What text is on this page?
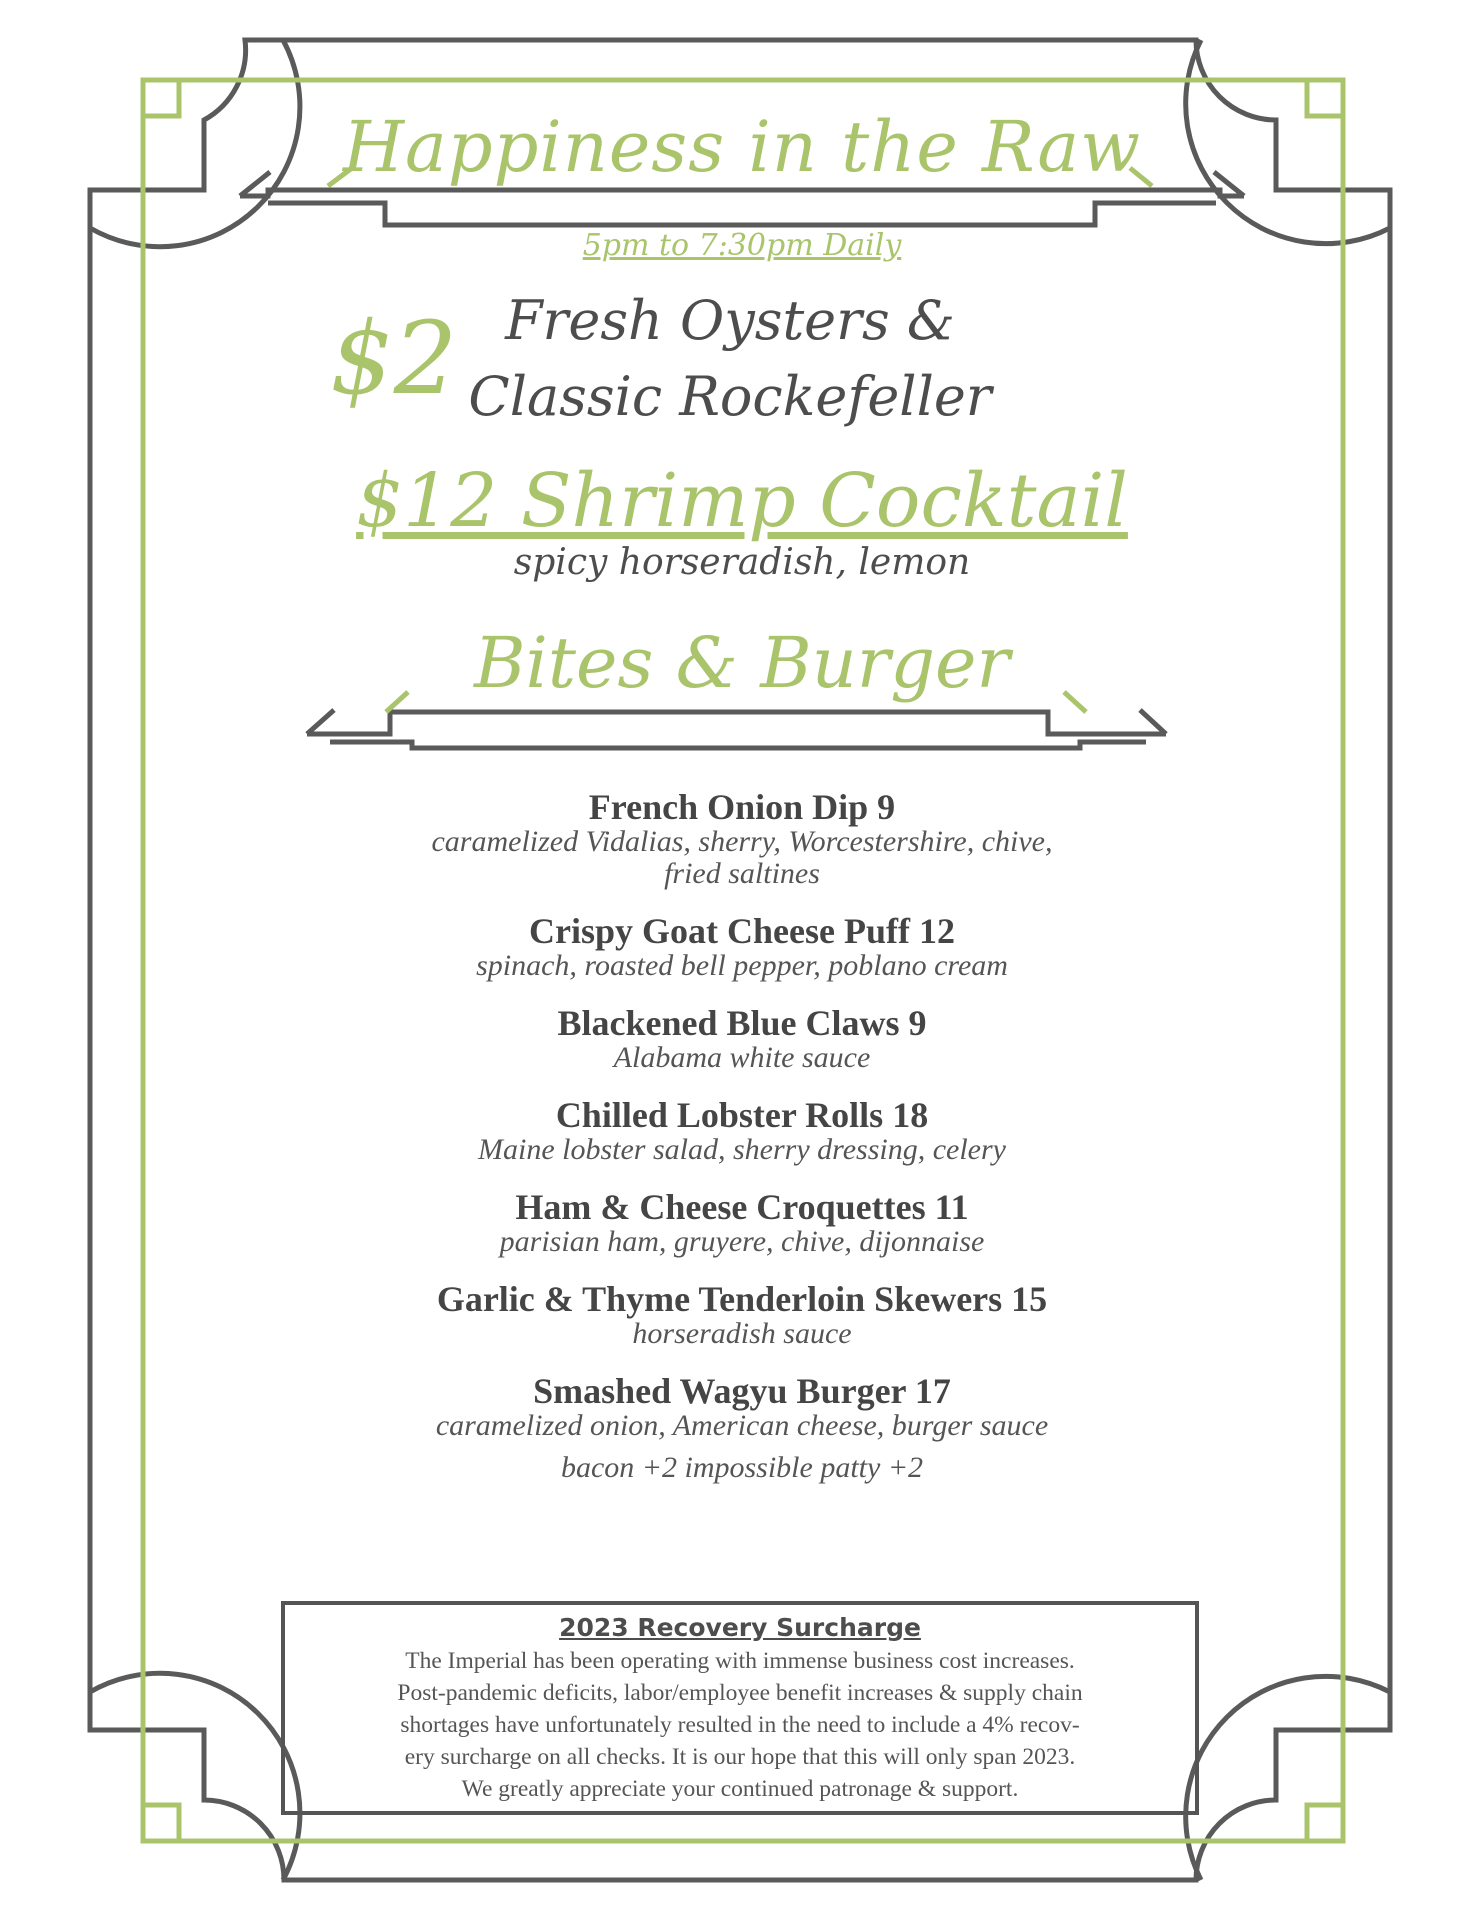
Happiness in the Raw
5pm to 7:30pm Daily
$2 Fresh Oysters &
Classic Rockefeller
$12 Shrimp Cocktail
spicy horseradish, lemon
Bites & Burger
French Onion Dip 9
caramelized Vidalias, sherry, Worcestershire, chive,
fried saltines
Crispy Goat Cheese Puff 12
spinach, roasted bell pepper, poblano cream
Blackened Blue Claws 9
Alabama white sauce
Chilled Lobster Rolls 18
Maine lobster salad, sherry dressing, celery
Ham & Cheese Croquettes 11
parisian ham, gruyere, chive, dijonnaise
Garlic & Thyme Tenderloin Skewers 15
horseradish sauce
Smashed Wagyu Burger 17
caramelized onion, American cheese, burger sauce
bacon +2 impossible patty +2
2023 Recovery Surcharge
The Imperial has been operating with immense business cost increases.
Post-pandemic deficits, labor/employee benefit increases & supply chain
shortages have unfortunately resulted in the need to include a 4% recov-
ery surcharge on all checks. It is our hope that this will only span 2023.
We greatly appreciate your continued patronage & support.
